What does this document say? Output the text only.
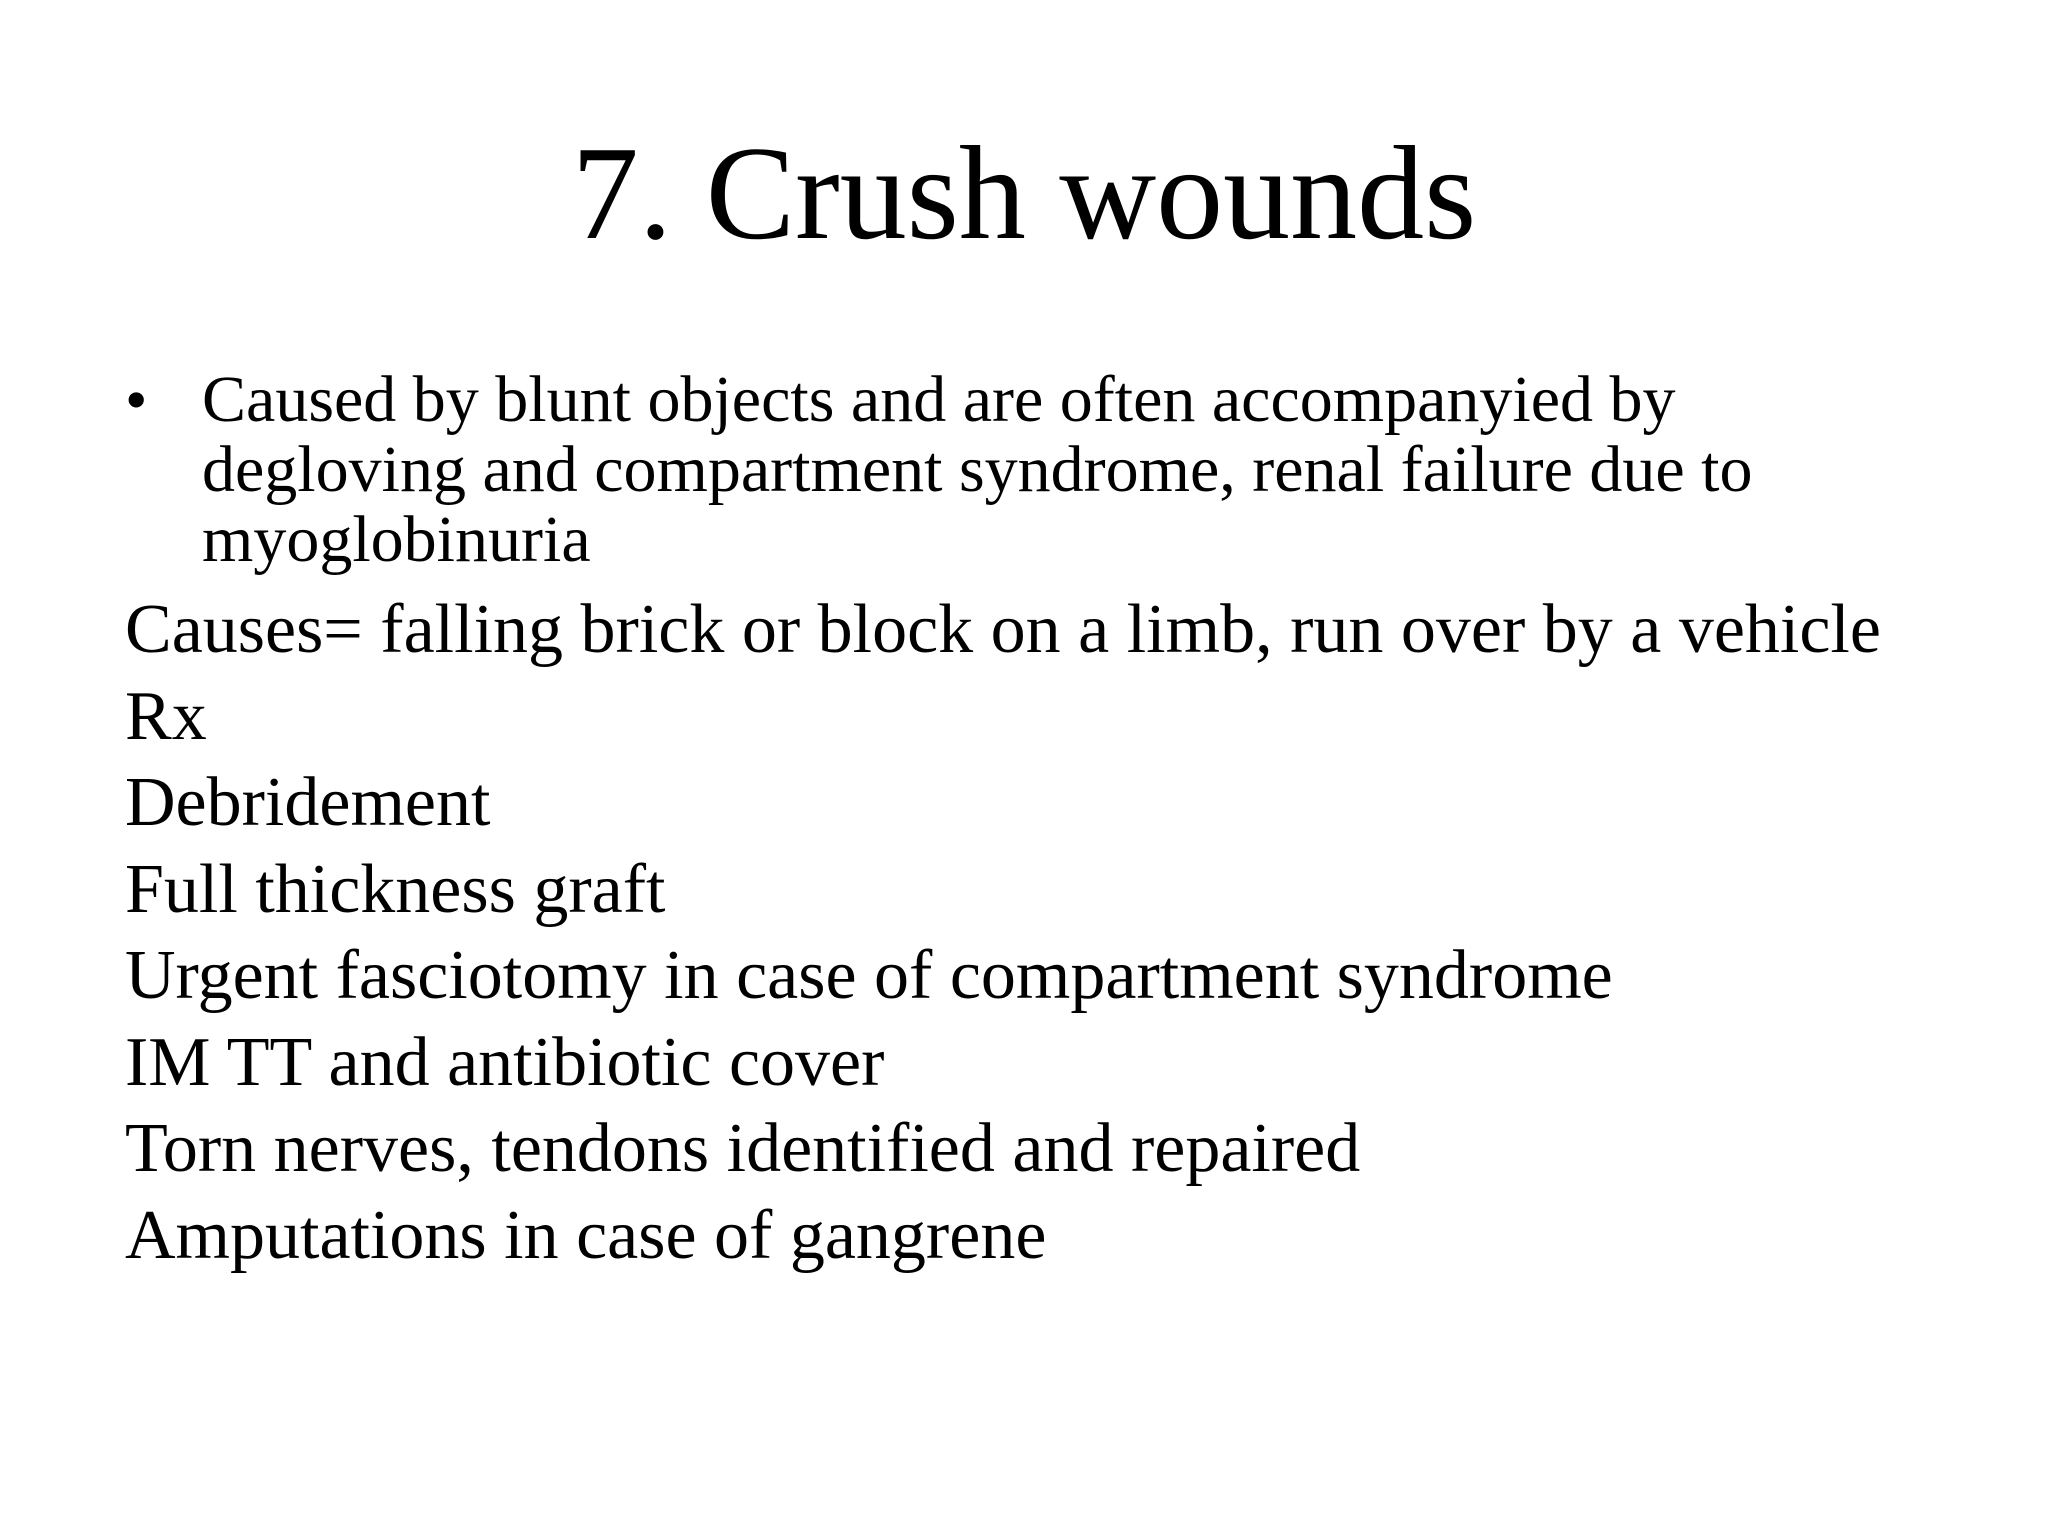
7. Crush wounds
• Caused by blunt objects and are often accompanyied by degloving and compartment syndrome, renal failure due to myoglobinuria
Causes= falling brick or block on a limb, run over by a vehicle
Rx
Debridement
Full thickness graft
Urgent fasciotomy in case of compartment syndrome
IM TT and antibiotic cover
Torn nerves, tendons identified and repaired
Amputations in case of gangrene
